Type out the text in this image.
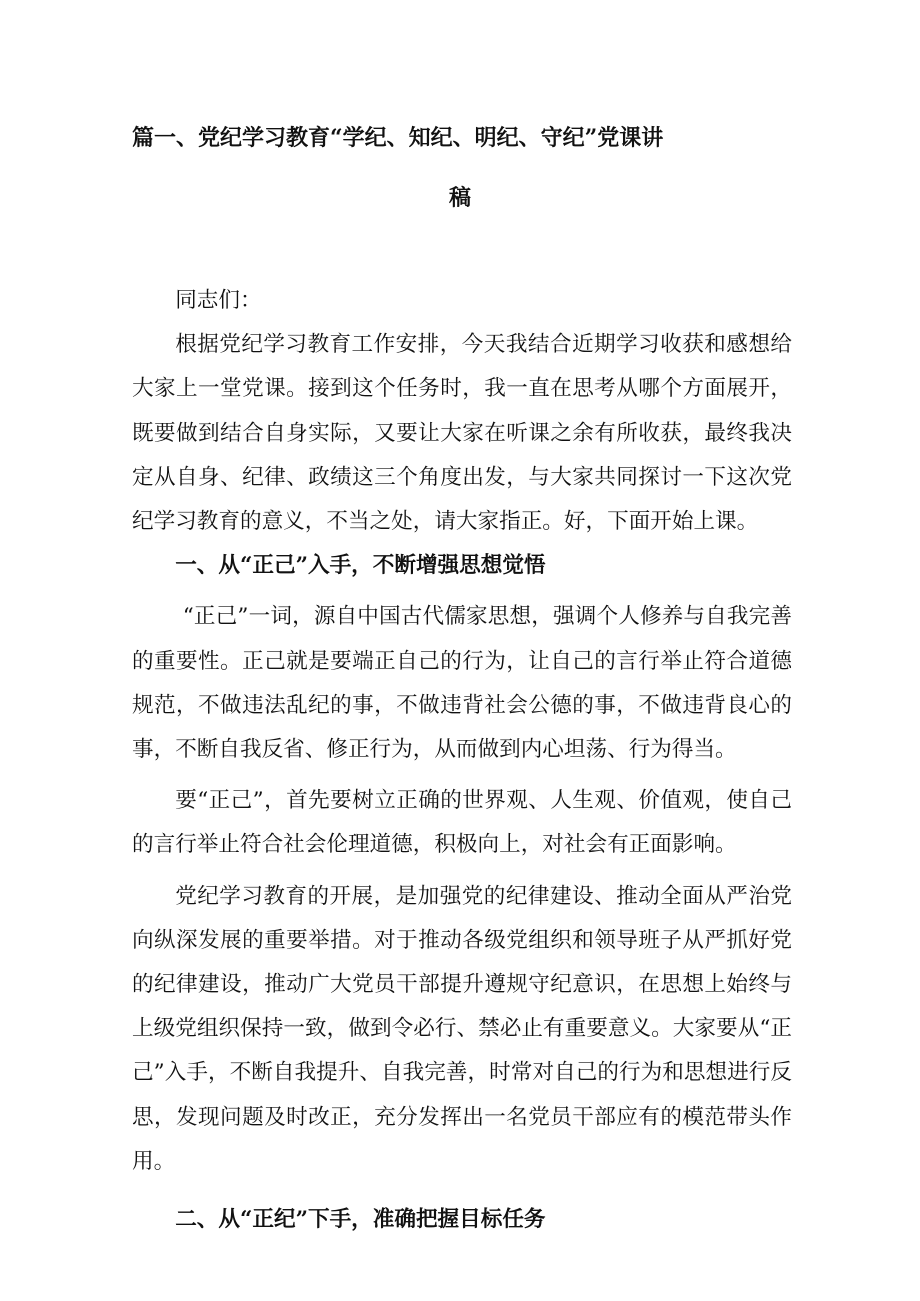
篇一、党纪学习教育“学纪、知纪、明纪、守纪”党课讲
稿

同志们：

根据党纪学习教育工作安排，今天我结合近期学习收获和感想给大家上一堂党课。接到这个任务时，我一直在思考从哪个方面展开，既要做到结合自身实际，又要让大家在听课之余有所收获，最终我决定从自身、纪律、政绩这三个角度出发，与大家共同探讨一下这次党纪学习教育的意义，不当之处，请大家指正。好，下面开始上课。

一、从“正己”入手，不断增强思想觉悟

“正己”一词，源自中国古代儒家思想，强调个人修养与自我完善的重要性。正己就是要端正自己的行为，让自己的言行举止符合道德规范，不做违法乱纪的事，不做违背社会公德的事，不做违背良心的事，不断自我反省、修正行为，从而做到内心坦荡、行为得当。

要“正己”，首先要树立正确的世界观、人生观、价值观，使自己的言行举止符合社会伦理道德，积极向上，对社会有正面影响。

党纪学习教育的开展，是加强党的纪律建设、推动全面从严治党向纵深发展的重要举措。对于推动各级党组织和领导班子从严抓好党的纪律建设，推动广大党员干部提升遵规守纪意识，在思想上始终与上级党组织保持一致，做到令必行、禁必止有重要意义。大家要从“正己”入手，不断自我提升、自我完善，时常对自己的行为和思想进行反思，发现问题及时改正，充分发挥出一名党员干部应有的模范带头作用。

二、从“正纪”下手，准确把握目标任务
